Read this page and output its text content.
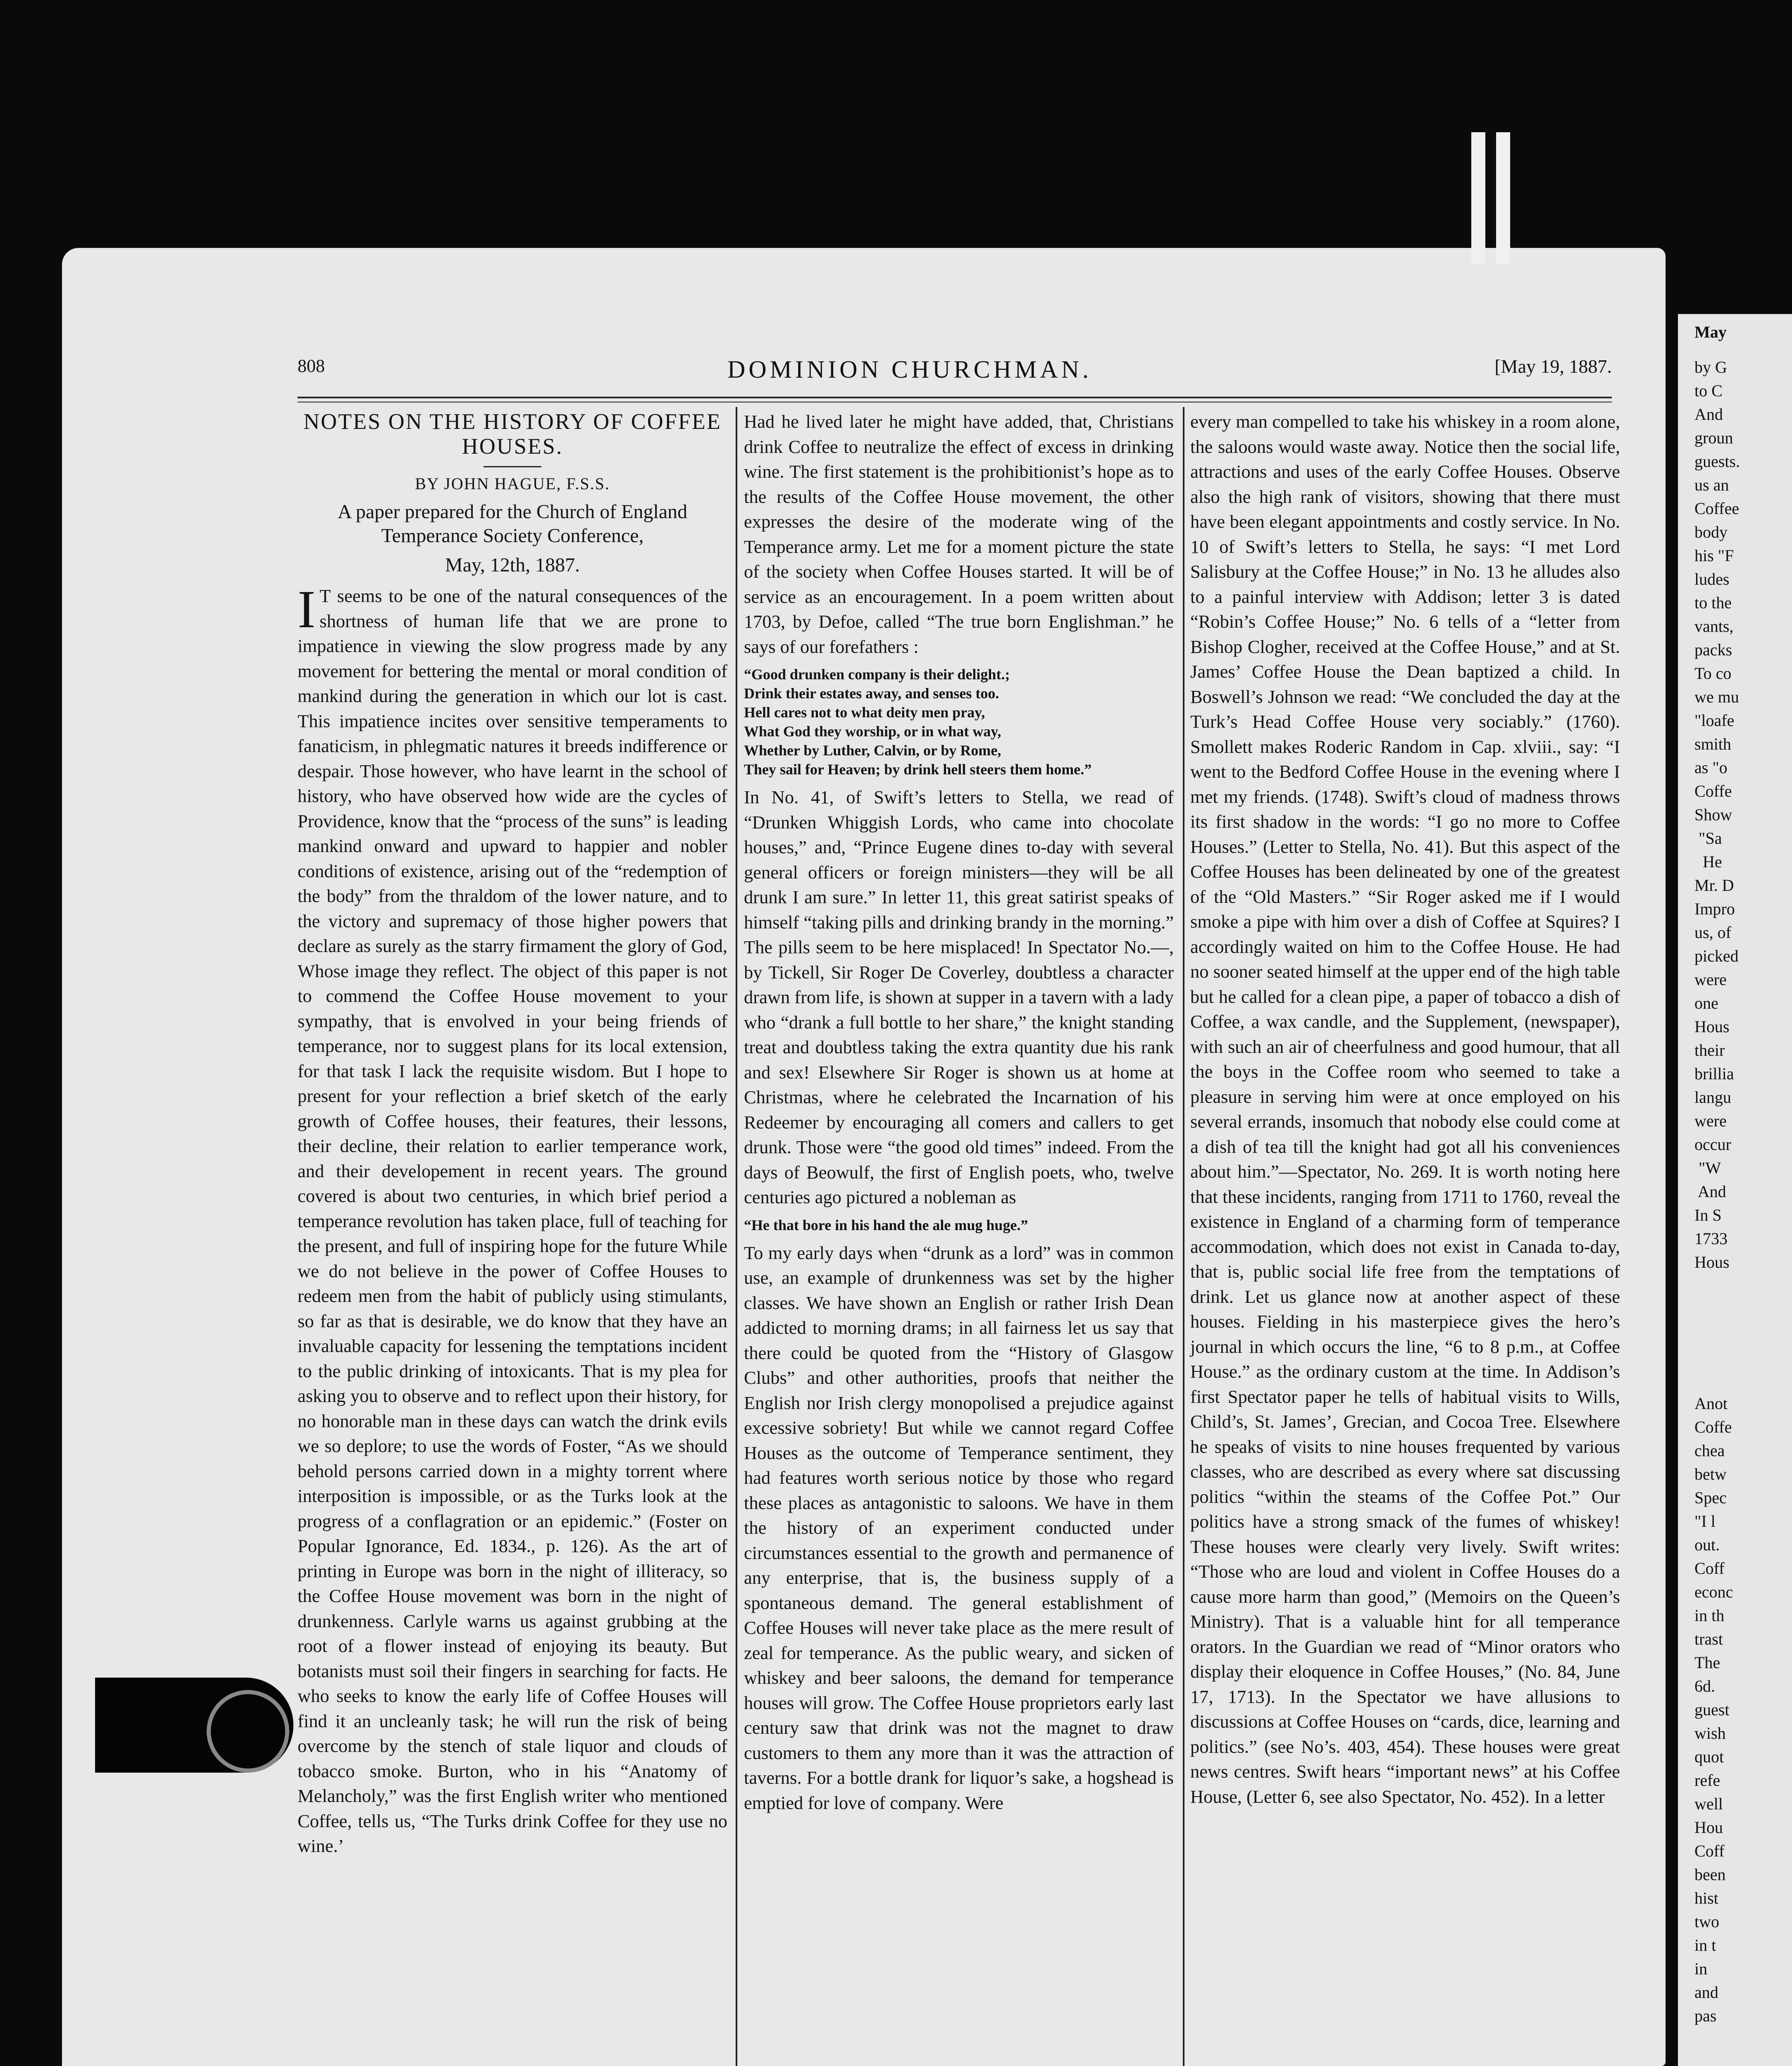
May
by G
to C
And
groun
guests.
us an
Coffee
body
his "F
ludes
to the
vants,
packs
To co
we mu
"loafe
smith
as "o
Coffe
Show
"Sa
He
Mr. D
Impro
us, of
picked
were
one
Hous
their
brillia
langu
were
occur
"W
And
In S
1733
Hous

Anot
Coffe
chea
betw
Spec
"I l
out.
Coff
econc
in th
trast
The
6d.
guest
wish
quot
refe
well
Hou
Coff
been
hist
two
in t
in
and
pas
808	DOMINION CHURCHMAN.	[May 19, 1887.
NOTES ON THE HISTORY OF COFFEE HOUSES.
BY JOHN HAGUE, F.S.S.
A paper prepared for the Church of England Temperance Society Conference,
May, 12th, 1887.

I T seems to be one of the natural consequences of the shortness of human life that we are prone to impatience in viewing the slow progress made by any movement for bettering the mental or moral condition of mankind during the generation in which our lot is cast. This impatience incites over sensitive temperaments to fanaticism, in phlegmatic natures it breeds indifference or despair. Those however, who have learnt in the school of history, who have observed how wide are the cycles of Providence, know that the “process of the suns” is leading mankind onward and upward to happier and nobler conditions of existence, arising out of the “redemption of the body” from the thraldom of the lower nature, and to the victory and supremacy of those higher powers that declare as surely as the starry firmament the glory of God, Whose image they reflect. The object of this paper is not to commend the Coffee House movement to your sympathy, that is envolved in your being friends of temperance, nor to suggest plans for its local extension, for that task I lack the requisite wisdom. But I hope to present for your reflection a brief sketch of the early growth of Coffee houses, their features, their lessons, their decline, their relation to earlier temperance work, and their developement in recent years. The ground covered is about two centuries, in which brief period a temperance revolution has taken place, full of teaching for the present, and full of inspiring hope for the future While we do not believe in the power of Coffee Houses to redeem men from the habit of publicly using stimulants, so far as that is desirable, we do know that they have an invaluable capacity for lessening the temptations incident to the public drinking of intoxicants. That is my plea for asking you to observe and to reflect upon their history, for no honorable man in these days can watch the drink evils we so deplore; to use the words of Foster, “As we should behold persons carried down in a mighty torrent where interposition is impossible, or as the Turks look at the progress of a conflagration or an epidemic.” (Foster on Popular Ignorance, Ed. 1834., p. 126). As the art of printing in Europe was born in the night of illiteracy, so the Coffee House movement was born in the night of drunkenness. Carlyle warns us against grubbing at the root of a flower instead of enjoying its beauty. But botanists must soil their fingers in searching for facts. He who seeks to know the early life of Coffee Houses will find it an uncleanly task; he will run the risk of being overcome by the stench of stale liquor and clouds of tobacco smoke. Burton, who in his “Anatomy of Melancholy,” was the first English writer who mentioned Coffee, tells us, “The Turks drink Coffee for they use no wine.’

Had he lived later he might have added, that, Christians drink Coffee to neutralize the effect of excess in drinking wine. The first statement is the prohibitionist’s hope as to the results of the Coffee House movement, the other expresses the desire of the moderate wing of the Temperance army. Let me for a moment picture the state of the society when Coffee Houses started. It will be of service as an encouragement. In a poem written about 1703, by Defoe, called “The true born Englishman.” he says of our forefathers :

“Good drunken company is their delight.;
Drink their estates away, and senses too.
Hell cares not to what deity men pray,
What God they worship, or in what way,
Whether by Luther, Calvin, or by Rome,
They sail for Heaven; by drink hell steers them home.”

In No. 41, of Swift’s letters to Stella, we read of “Drunken Whiggish Lords, who came into chocolate houses,” and, “Prince Eugene dines to-day with several general officers or foreign ministers—they will be all drunk I am sure.” In letter 11, this great satirist speaks of himself “taking pills and drinking brandy in the morning.” The pills seem to be here misplaced! In Spectator No.—, by Tickell, Sir Roger De Coverley, doubtless a character drawn from life, is shown at supper in a tavern with a lady who “drank a full bottle to her share,” the knight standing treat and doubtless taking the extra quantity due his rank and sex! Elsewhere Sir Roger is shown us at home at Christmas, where he celebrated the Incarnation of his Redeemer by encouraging all comers and callers to get drunk. Those were “the good old times” indeed. From the days of Beowulf, the first of English poets, who, twelve centuries ago pictured a nobleman as

“He that bore in his hand the ale mug huge.”

To my early days when “drunk as a lord” was in common use, an example of drunkenness was set by the higher classes. We have shown an English or rather Irish Dean addicted to morning drams; in all fairness let us say that there could be quoted from the “History of Glasgow Clubs” and other authorities, proofs that neither the English nor Irish clergy monopolised a prejudice against excessive sobriety! But while we cannot regard Coffee Houses as the outcome of Temperance sentiment, they had features worth serious notice by those who regard these places as antagonistic to saloons. We have in them the history of an experiment conducted under circumstances essential to the growth and permanence of any enterprise, that is, the business supply of a spontaneous demand. The general establishment of Coffee Houses will never take place as the mere result of zeal for temperance. As the public weary, and sicken of whiskey and beer saloons, the demand for temperance houses will grow. The Coffee House proprietors early last century saw that drink was not the magnet to draw customers to them any more than it was the attraction of taverns. For a bottle drank for liquor’s sake, a hogshead is emptied for love of company. Were

every man compelled to take his whiskey in a room alone, the saloons would waste away. Notice then the social life, attractions and uses of the early Coffee Houses. Observe also the high rank of visitors, showing that there must have been elegant appointments and costly service. In No. 10 of Swift’s letters to Stella, he says: “I met Lord Salisbury at the Coffee House;” in No. 13 he alludes also to a painful interview with Addison; letter 3 is dated “Robin’s Coffee House;” No. 6 tells of a “letter from Bishop Clogher, received at the Coffee House,” and at St. James’ Coffee House the Dean baptized a child. In Boswell’s Johnson we read: “We concluded the day at the Turk’s Head Coffee House very sociably.” (1760). Smollett makes Roderic Random in Cap. xlviii., say: “I went to the Bedford Coffee House in the evening where I met my friends. (1748). Swift’s cloud of madness throws its first shadow in the words: “I go no more to Coffee Houses.” (Letter to Stella, No. 41). But this aspect of the Coffee Houses has been delineated by one of the greatest of the “Old Masters.” “Sir Roger asked me if I would smoke a pipe with him over a dish of Coffee at Squires? I accordingly waited on him to the Coffee House. He had no sooner seated himself at the upper end of the high table but he called for a clean pipe, a paper of tobacco a dish of Coffee, a wax candle, and the Supplement, (newspaper), with such an air of cheerfulness and good humour, that all the boys in the Coffee room who seemed to take a pleasure in serving him were at once employed on his several errands, insomuch that nobody else could come at a dish of tea till the knight had got all his conveniences about him.”—Spectator, No. 269. It is worth noting here that these incidents, ranging from 1711 to 1760, reveal the existence in England of a charming form of temperance accommodation, which does not exist in Canada to-day, that is, public social life free from the temptations of drink. Let us glance now at another aspect of these houses. Fielding in his masterpiece gives the hero’s journal in which occurs the line, “6 to 8 p.m., at Coffee House.” as the ordinary custom at the time. In Addison’s first Spectator paper he tells of habitual visits to Wills, Child’s, St. James’, Grecian, and Cocoa Tree. Elsewhere he speaks of visits to nine houses frequented by various classes, who are described as every where sat discussing politics “within the steams of the Coffee Pot.” Our politics have a strong smack of the fumes of whiskey! These houses were clearly very lively. Swift writes: “Those who are loud and violent in Coffee Houses do a cause more harm than good,” (Memoirs on the Queen’s Ministry). That is a valuable hint for all temperance orators. In the Guardian we read of “Minor orators who display their eloquence in Coffee Houses,” (No. 84, June 17, 1713). In the Spectator we have allusions to discussions at Coffee Houses on “cards, dice, learning and politics.” (see No’s. 403, 454). These houses were great news centres. Swift hears “important news” at his Coffee House, (Letter 6, see also Spectator, No. 452). In a letter
